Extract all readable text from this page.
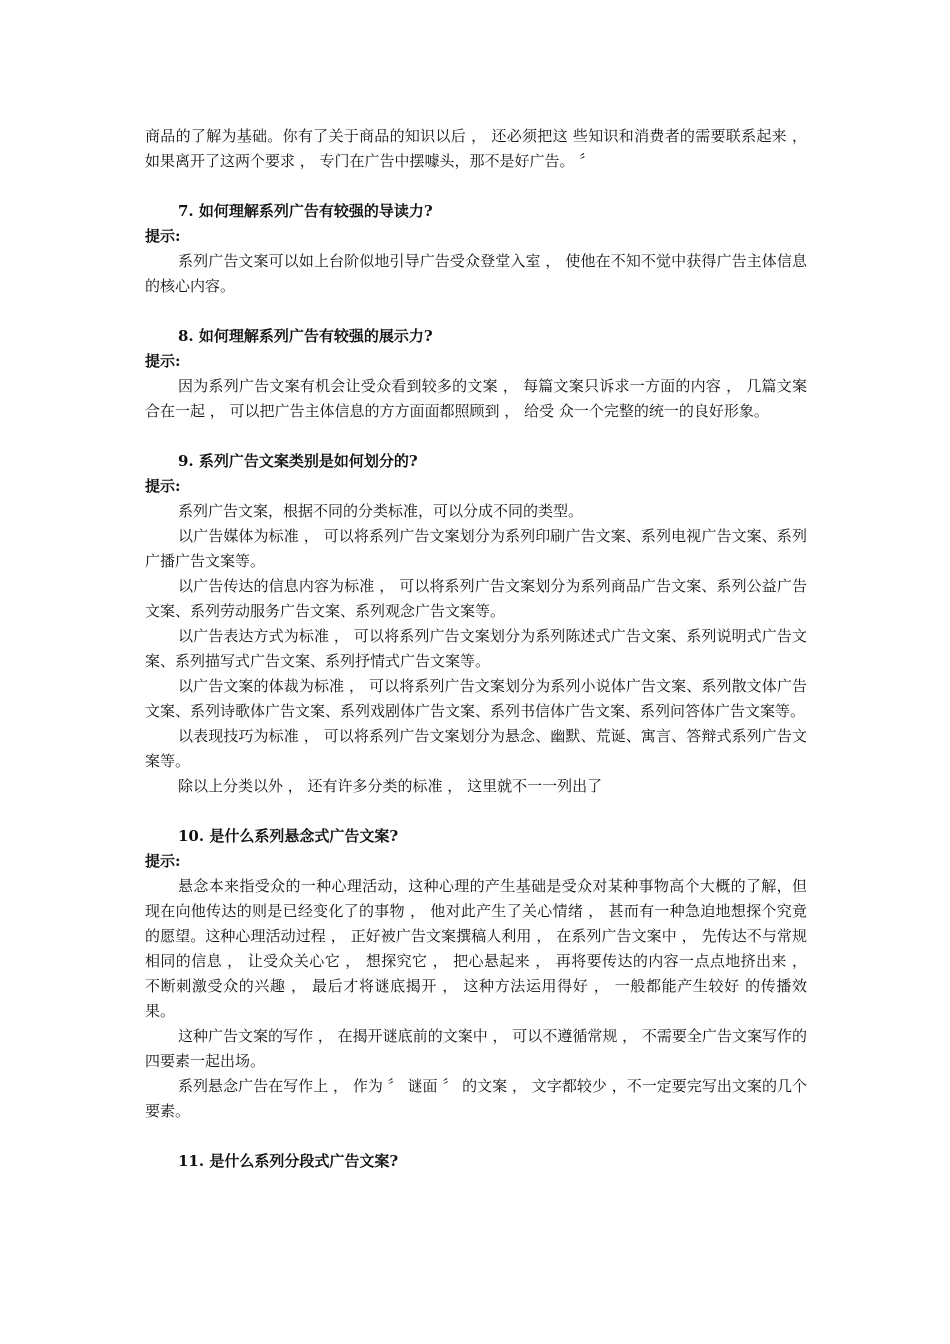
商品的了解为基础。你有了关于商品的知识以后 ， 还必须把这 些知识和消费者的需要联系起来 ， 如果离开了这两个要求 ， 专门在广告中摆噱头，那不是好广告。 〞

7. 如何理解系列广告有较强的导读力?

提示:

系列广告文案可以如上台阶似地引导广告受众登堂入室 ， 使他在不知不觉中获得广告主体信息的核心内容。

8. 如何理解系列广告有较强的展示力?

提示:

因为系列广告文案有机会让受众看到较多的文案 ， 每篇文案只诉求一方面的内容 ， 几篇文案合在一起 ， 可以把广告主体信息的方方面面都照顾到 ， 给受 众一个完整的统一的良好形象。

9. 系列广告文案类别是如何划分的?

提示:

系列广告文案，根据不同的分类标准，可以分成不同的类型。

以广告媒体为标准 ， 可以将系列广告文案划分为系列印刷广告文案、系列电视广告文案、系列广播广告文案等。

以广告传达的信息内容为标准 ， 可以将系列广告文案划分为系列商品广告文案、系列公益广告文案、系列劳动服务广告文案、系列观念广告文案等。

以广告表达方式为标准 ， 可以将系列广告文案划分为系列陈述式广告文案、系列说明式广告文案、系列描写式广告文案、系列抒情式广告文案等。

以广告文案的体裁为标准 ， 可以将系列广告文案划分为系列小说体广告文案、系列散文体广告文案、系列诗歌体广告文案、系列戏剧体广告文案、系列书信体广告文案、系列问答体广告文案等。

以表现技巧为标准 ， 可以将系列广告文案划分为悬念、幽默、荒诞、寓言、答辩式系列广告文案等。

除以上分类以外 ， 还有许多分类的标准 ， 这里就不一一列出了

10. 是什么系列悬念式广告文案?

提示:

悬念本来指受众的一种心理活动，这种心理的产生基础是受众对某种事物高个大概的了解，但现在向他传达的则是已经变化了的事物 ， 他对此产生了关心情绪 ， 甚而有一种急迫地想探个究竟的愿望。这种心理活动过程 ， 正好被广告文案撰稿人利用 ， 在系列广告文案中 ， 先传达不与常规相同的信息 ， 让受众关心它 ， 想探究它 ， 把心悬起来 ， 再将要传达的内容一点点地挤出来 ， 不断刺激受众的兴趣 ， 最后才将谜底揭开 ， 这种方法运用得好 ， 一般都能产生较好 的传播效果。

这种广告文案的写作 ， 在揭开谜底前的文案中 ， 可以不遵循常规 ， 不需要全广告文案写作的四要素一起出场。

系列悬念广告在写作上 ， 作为 〞 谜面 〞 的文案 ， 文字都较少 ，不一定要完写出文案的几个要素。

11. 是什么系列分段式广告文案?
